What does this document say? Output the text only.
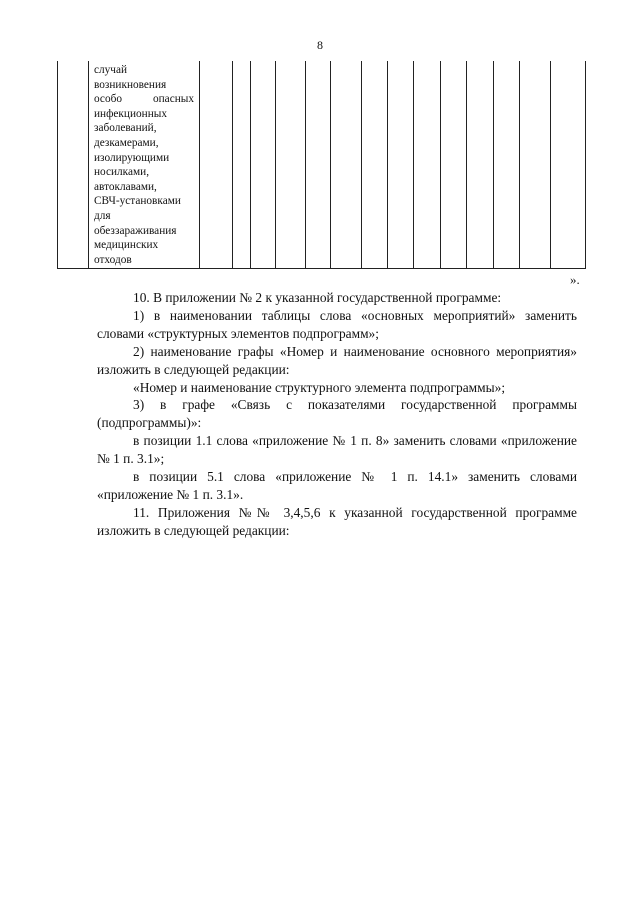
8
случай
возникновения
особо	опасных
инфекционных
заболеваний,
дезкамерами,
изолирующими
носилками,
автоклавами,
СВЧ-установками
для
обеззараживания
медицинских
отходов
».

10. В приложении № 2 к указанной государственной программе:

1) в наименовании таблицы слова «основных мероприятий» заменить словами «структурных элементов подпрограмм»;

2) наименование графы «Номер и наименование основного мероприятия» изложить в следующей редакции:

«Номер и наименование структурного элемента подпрограммы»;

3) в графе «Связь с показателями государственной программы (подпрограммы)»:

в позиции 1.1 слова «приложение № 1 п. 8» заменить словами «приложение № 1 п. 3.1»;

в позиции 5.1 слова «приложение № 1 п. 14.1» заменить словами «приложение № 1 п. 3.1».

11. Приложения №№ 3,4,5,6 к указанной государственной программе изложить в следующей редакции:
